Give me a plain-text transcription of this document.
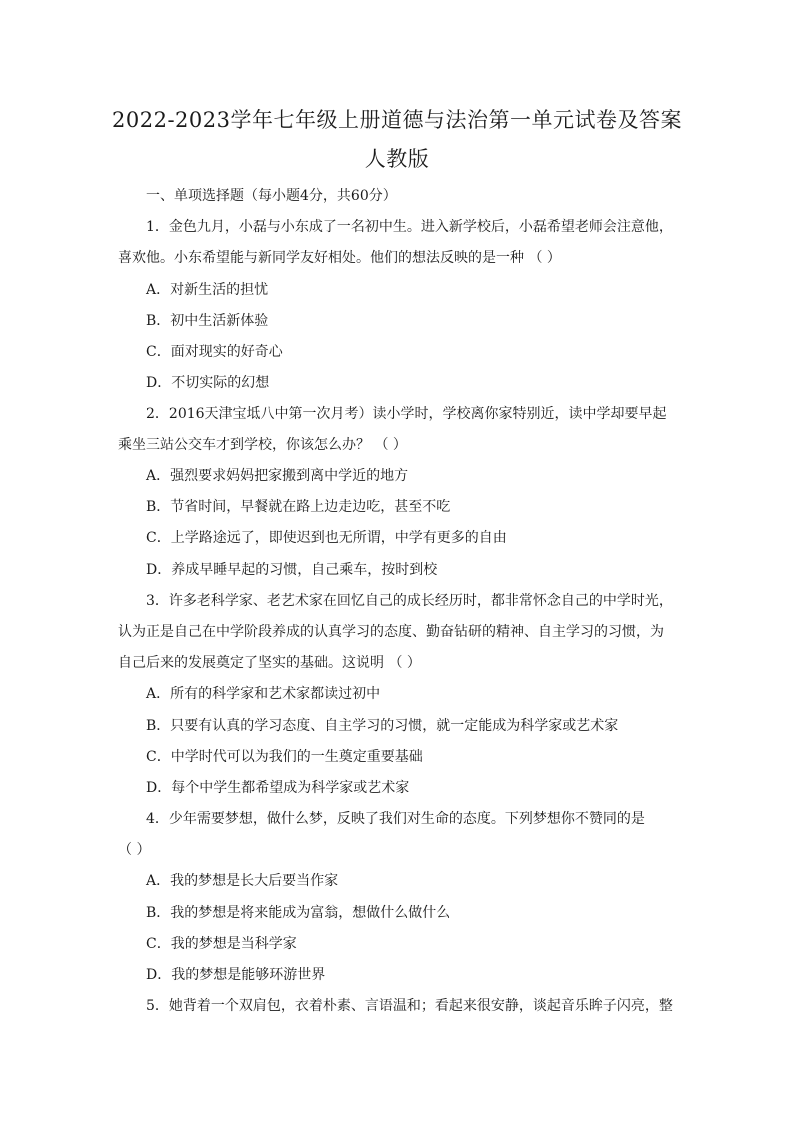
2022-2023学年七年级上册道德与法治第一单元试卷及答案
人教版
一、单项选择题（每小题4分，共60分）
1．金色九月，小磊与小东成了一名初中生。进入新学校后，小磊希望老师会注意他，
喜欢他。小东希望能与新同学友好相处。他们的想法反映的是一种 （ ）
A．对新生活的担忧
B．初中生活新体验
C．面对现实的好奇心
D．不切实际的幻想
2．2016天津宝坻八中第一次月考）读小学时，学校离你家特别近，读中学却要早起
乘坐三站公交车才到学校，你该怎么办？ （ ）
A．强烈要求妈妈把家搬到离中学近的地方
B．节省时间，早餐就在路上边走边吃，甚至不吃
C．上学路途远了，即使迟到也无所谓，中学有更多的自由
D．养成早睡早起的习惯，自己乘车，按时到校
3．许多老科学家、老艺术家在回忆自己的成长经历时，都非常怀念自己的中学时光，
认为正是自己在中学阶段养成的认真学习的态度、勤奋钻研的精神、自主学习的习惯，为
自己后来的发展奠定了坚实的基础。这说明 （ ）
A．所有的科学家和艺术家都读过初中
B．只要有认真的学习态度、自主学习的习惯，就一定能成为科学家或艺术家
C．中学时代可以为我们的一生奠定重要基础
D．每个中学生都希望成为科学家或艺术家
4．少年需要梦想，做什么梦，反映了我们对生命的态度。下列梦想你不赞同的是
（ ）
A．我的梦想是长大后要当作家
B．我的梦想是将来能成为富翁，想做什么做什么
C．我的梦想是当科学家
D．我的梦想是能够环游世界
5．她背着一个双肩包，衣着朴素、言语温和；看起来很安静，谈起音乐眸子闪亮，整
